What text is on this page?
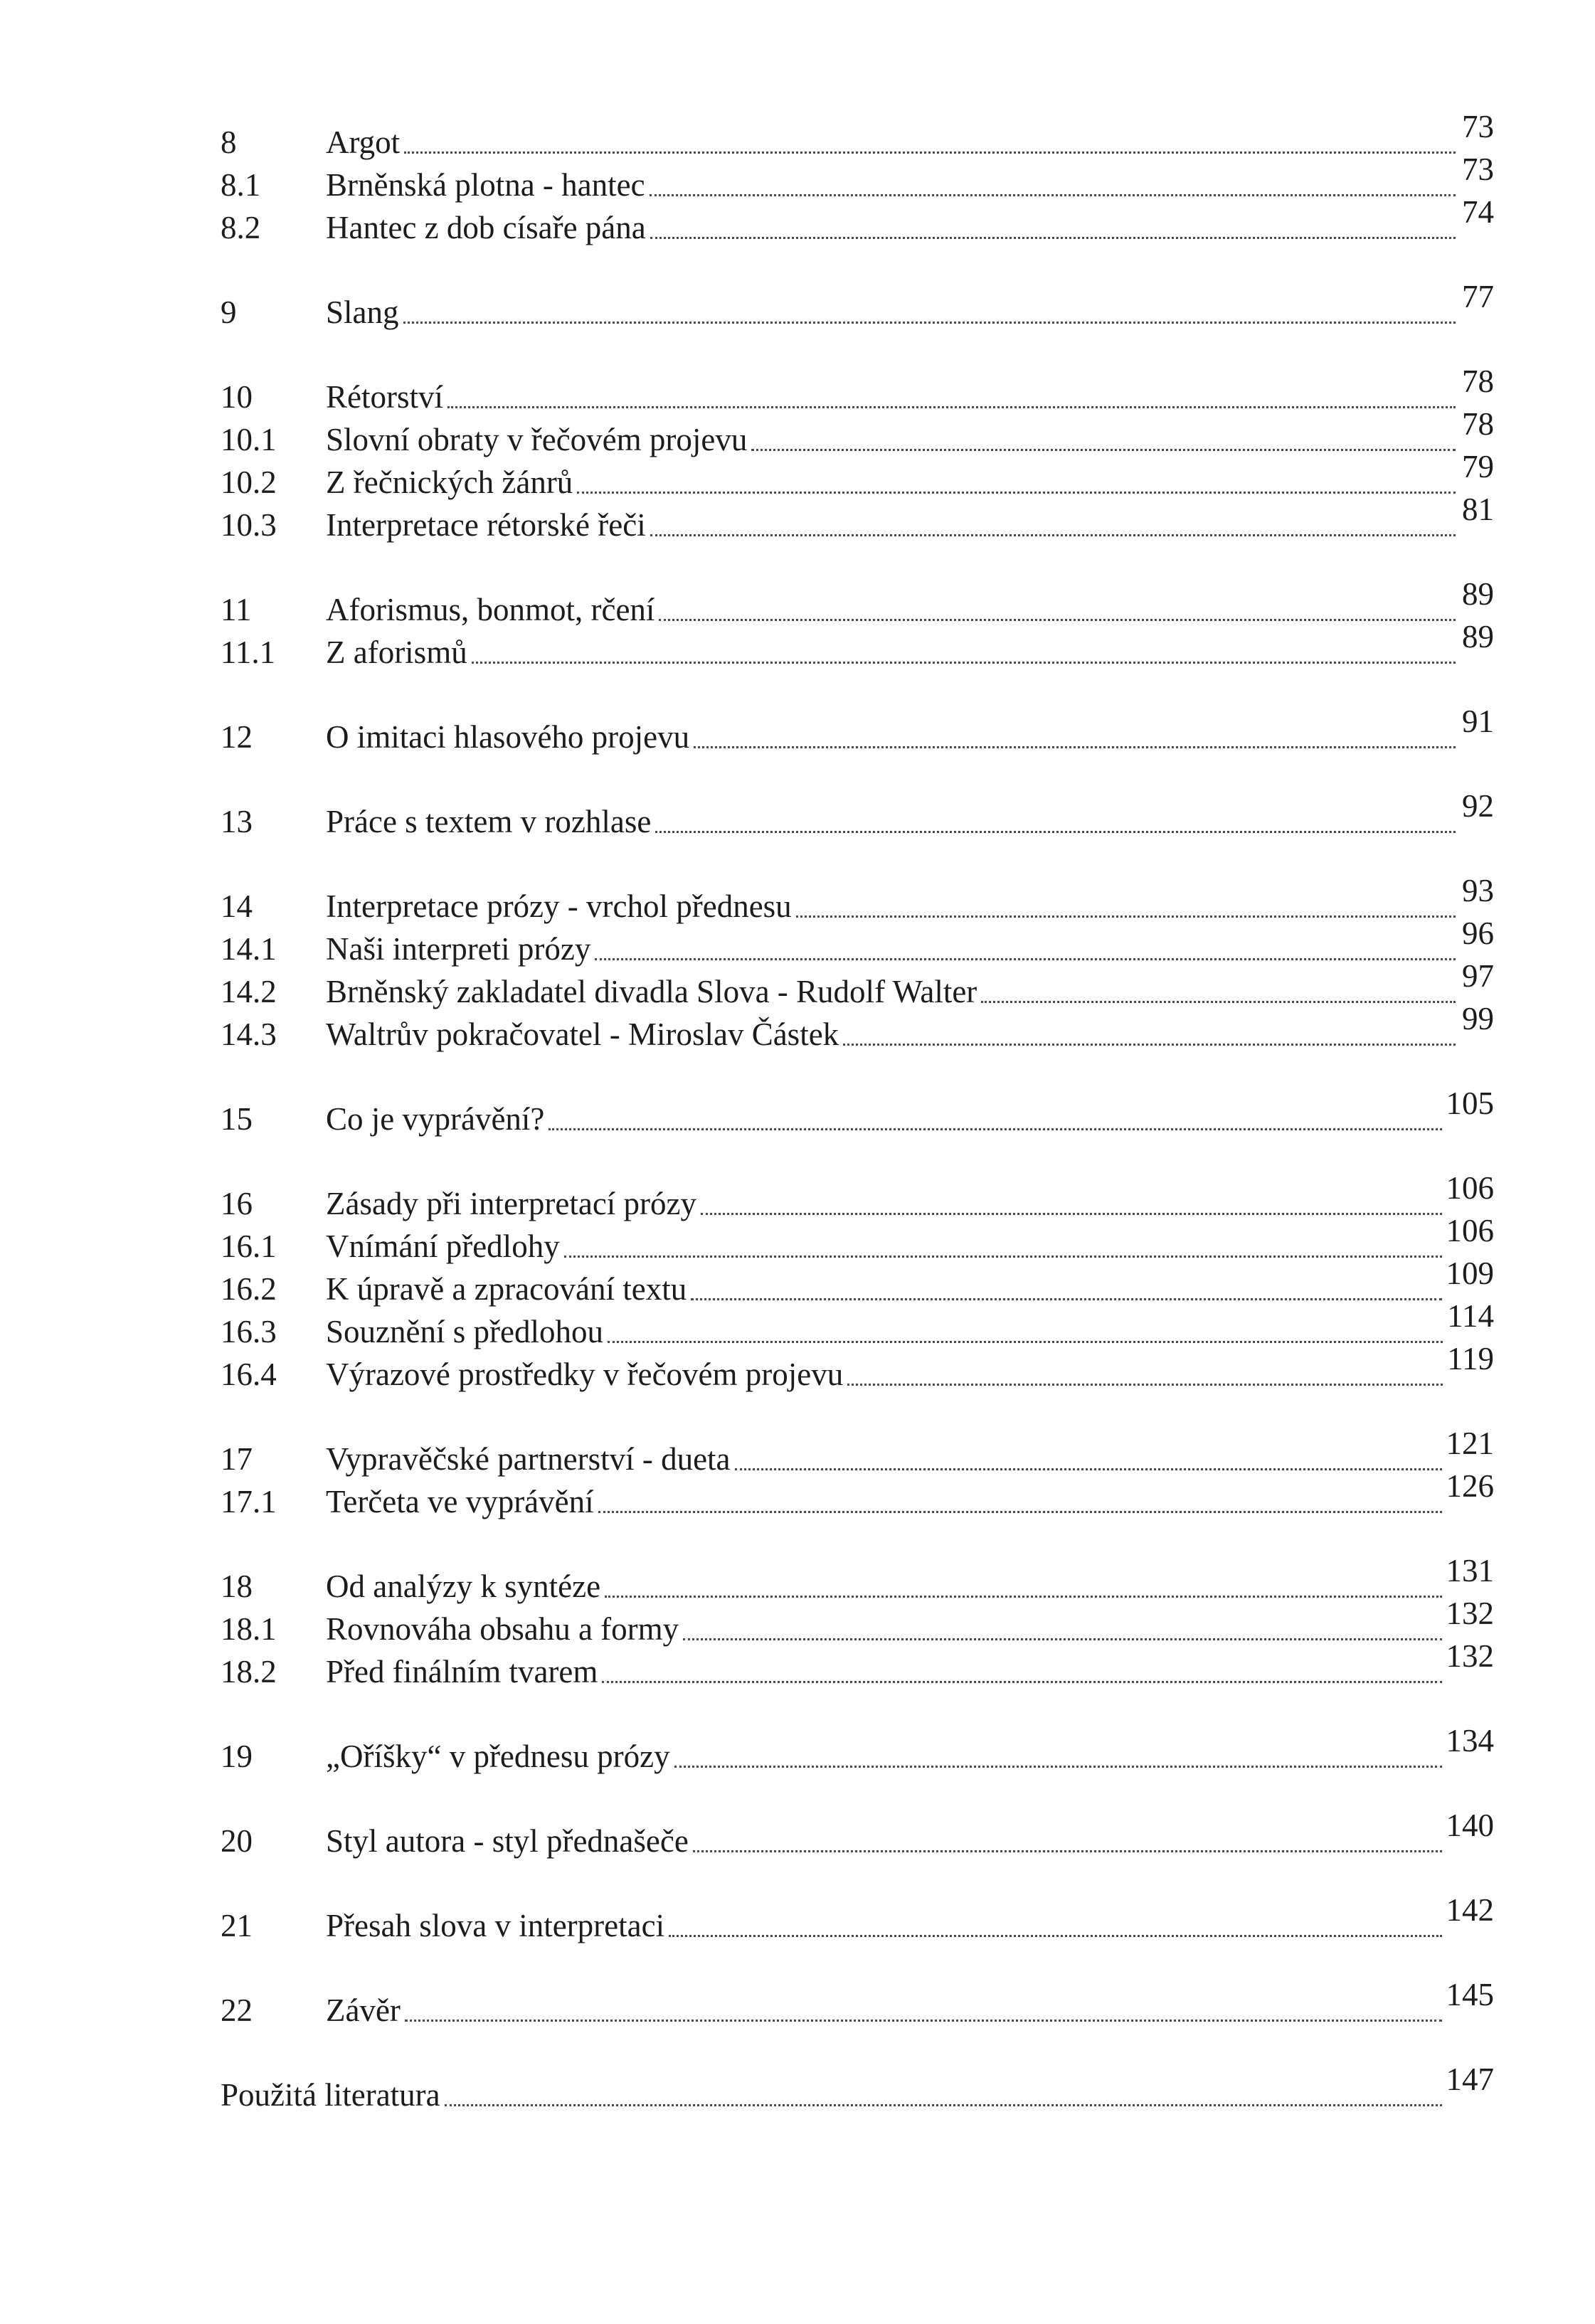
8	Argot	73
8.1	Brněnská plotna - hantec	73
8.2	Hantec z dob císaře pána	74
9	Slang	77
10	Rétorství	78
10.1	Slovní obraty v řečovém projevu	78
10.2	Z řečnických žánrů	79
10.3	Interpretace rétorské řeči	81
11	Aforismus, bonmot, rčení	89
11.1	Z aforismů	89
12	O imitaci hlasového projevu	91
13	Práce s textem v rozhlase	92
14	Interpretace prózy - vrchol přednesu	93
14.1	Naši interpreti prózy	96
14.2	Brněnský zakladatel divadla Slova - Rudolf Walter	97
14.3	Waltrův pokračovatel - Miroslav Částek	99
15	Co je vyprávění?	105
16	Zásady při interpretací prózy	106
16.1	Vnímání předlohy	106
16.2	K úpravě a zpracování textu	109
16.3	Souznění s předlohou	114
16.4	Výrazové prostředky v řečovém projevu	119
17	Vypravěčské partnerství - dueta	121
17.1	Terčeta ve vyprávění	126
18	Od analýzy k syntéze	131
18.1	Rovnováha obsahu a formy	132
18.2	Před finálním tvarem	132
19	„Oříšky“ v přednesu prózy	134
20	Styl autora - styl přednašeče	140
21	Přesah slova v interpretaci	142
22	Závěr	145
Použitá literatura	147
